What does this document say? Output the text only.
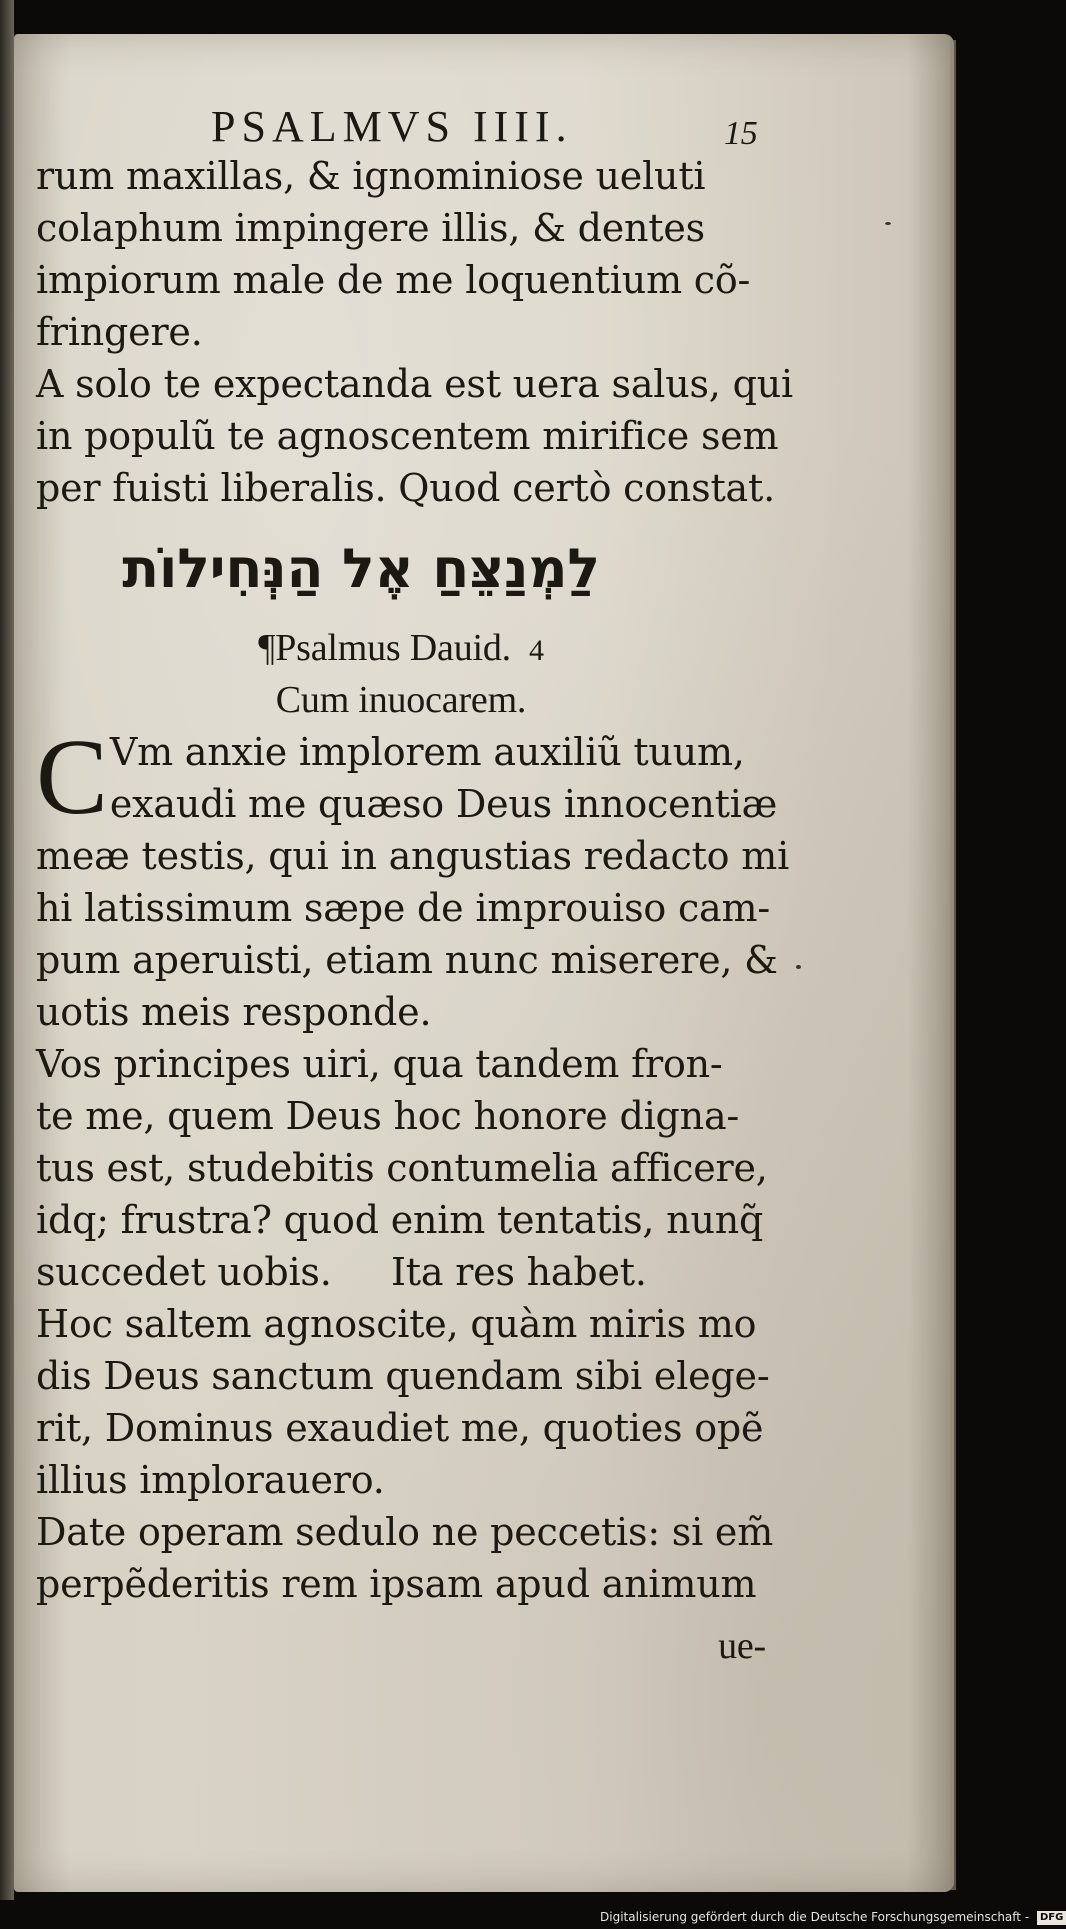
PSALMVS IIII.	15
rum maxillas, & ignominiose ueluti
colaphum impingere illis, & dentes
impiorum male de me loquentium cõ-
fringere.
A solo te expectanda est uera salus, qui
in populũ te agnoscentem mirifice sem
per fuisti liberalis. Quod certò constat.
לַמְנַצֵּחַ אֶל הַנְּחִילוֹת
¶Psalmus Dauid. 4
Cum inuocarem.
C Vm anxie implorem auxiliũ tuum,
exaudi me quæso Deus innocentiæ
meæ testis, qui in angustias redacto mi
hi latissimum sæpe de improuiso cam-
pum aperuisti, etiam nunc miserere, &
uotis meis responde.
Vos principes uiri, qua tandem fron-
te me, quem Deus hoc honore digna-
tus est, studebitis contumelia afficere,
idq; frustra? quod enim tentatis, nunq̃
succedet uobis.     Ita res habet.
Hoc saltem agnoscite, quàm miris mo
dis Deus sanctum quendam sibi elege-
rit, Dominus exaudiet me, quoties opẽ
illius implorauero.
Date operam sedulo ne peccetis: si em̃
perpẽderitis rem ipsam apud animum
ue-
Digitalisierung gefördert durch die Deutsche Forschungsgemeinschaft - DFG
